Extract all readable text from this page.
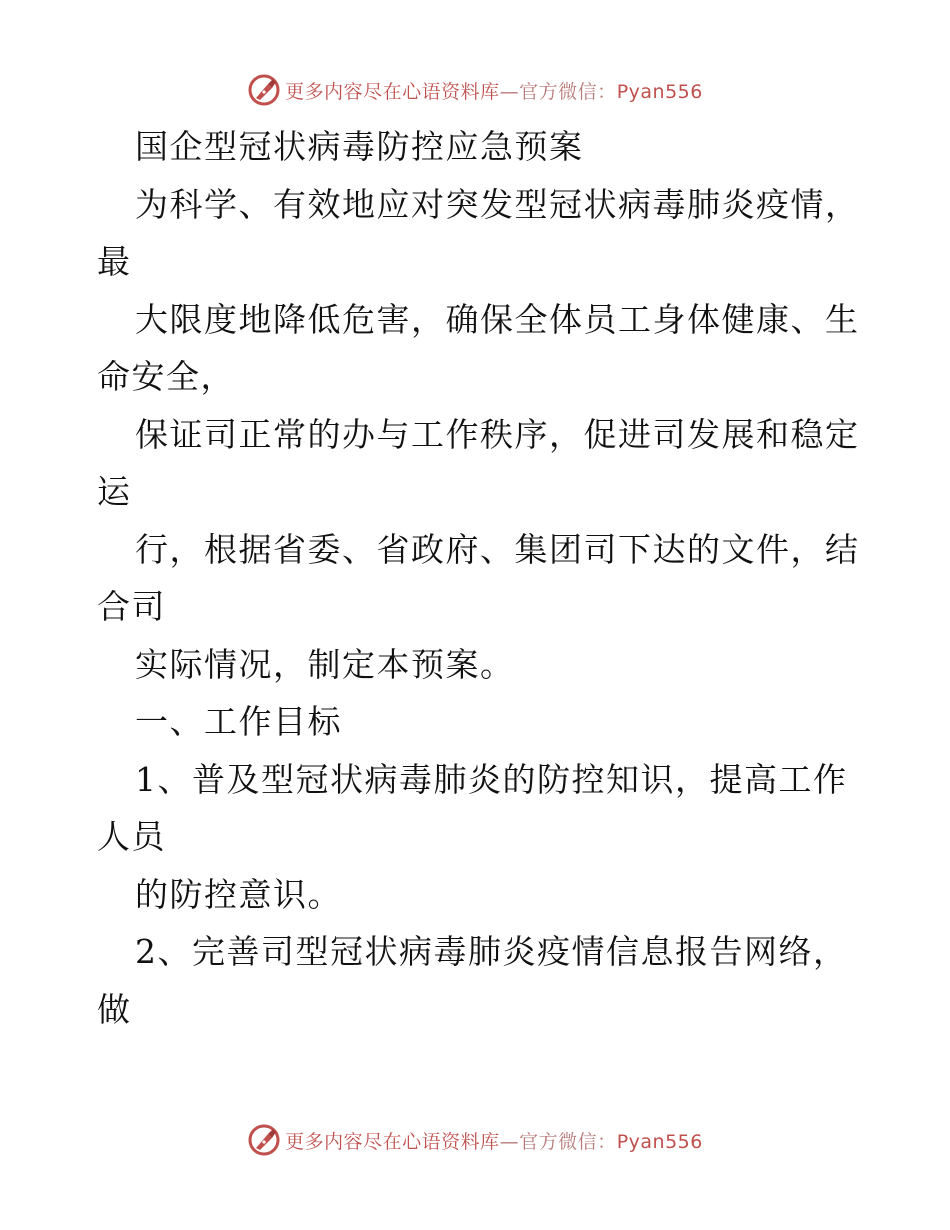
更多内容尽在心语资料库—官方微信：Pyan556
国企型冠状病毒防控应急预案
为科学、有效地应对突发型冠状病毒肺炎疫情，
最
大限度地降低危害，确保全体员工身体健康、生
命安全，
保证司正常的办与工作秩序，促进司发展和稳定
运
行，根据省委、省政府、集团司下达的文件，结
合司
实际情况，制定本预案。
一、工作目标
1、普及型冠状病毒肺炎的防控知识，提高工作
人员
的防控意识。
2、完善司型冠状病毒肺炎疫情信息报告网络，
做
更多内容尽在心语资料库—官方微信：Pyan556
